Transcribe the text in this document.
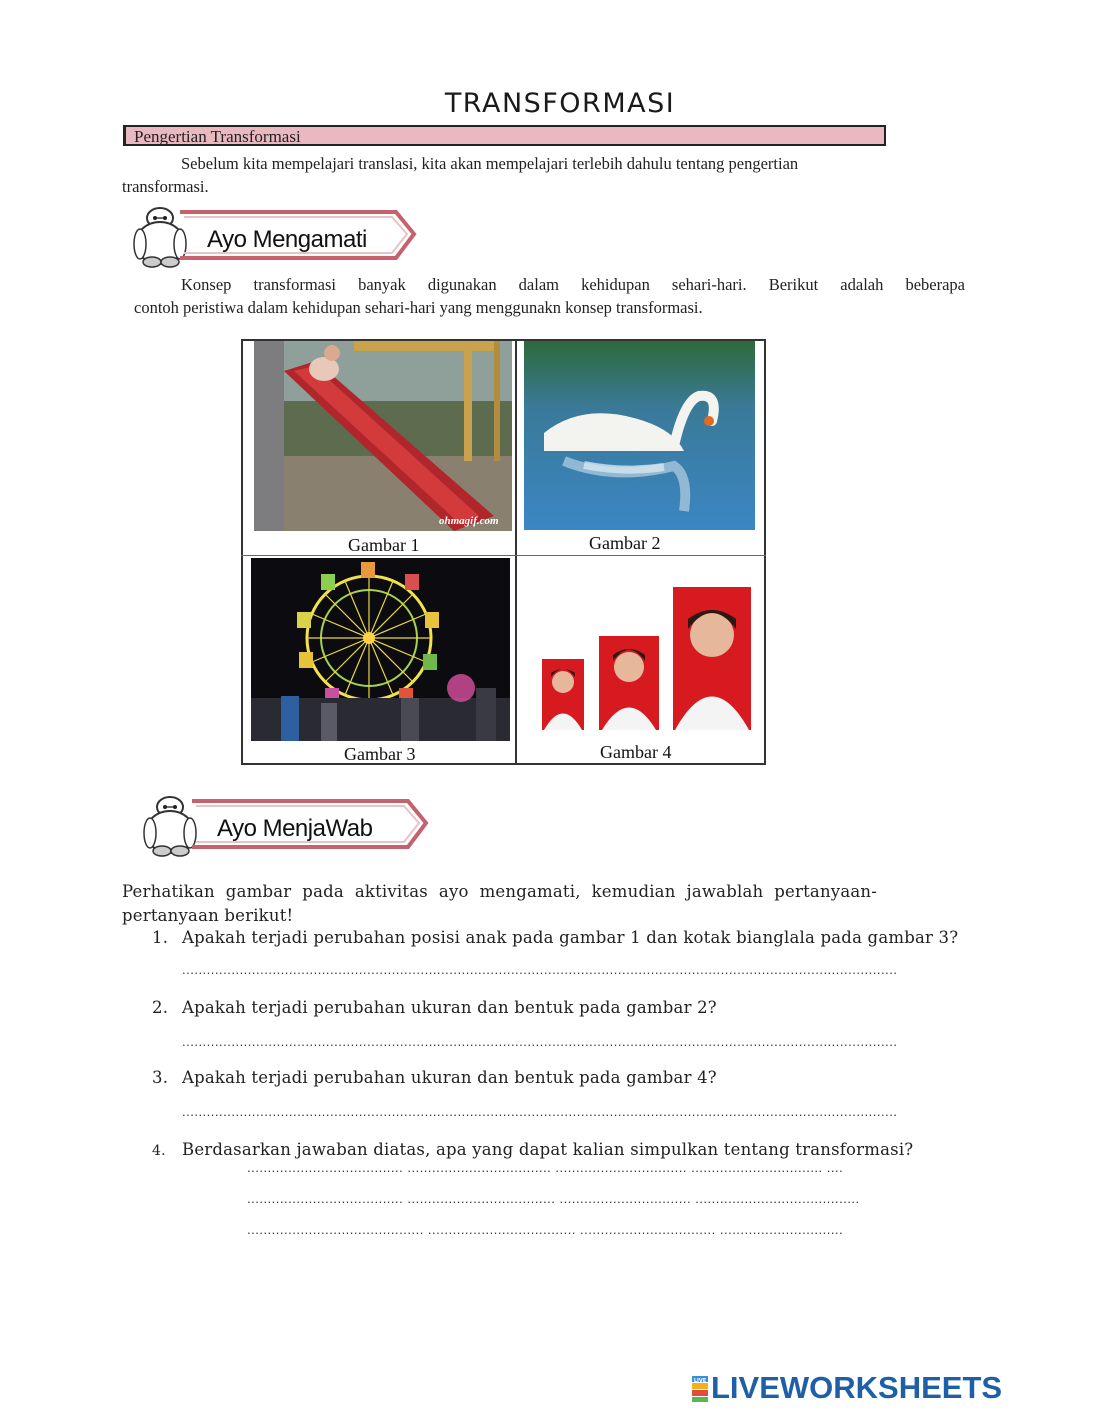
TRANSFORMASI
Pengertian Transformasi
Sebelum kita mempelajari translasi, kita akan mempelajari terlebih dahulu tentang pengertian
transformasi.
Ayo Mengamati
Konsep transformasi banyak digunakan dalam kehidupan sehari-hari. Berikut adalah beberapa
contoh peristiwa dalam kehidupan sehari-hari yang menggunakn konsep transformasi.
ohmagif.com
Gambar 1	Gambar 2
Gambar 3	Gambar 4
Ayo MenjaWab
Perhatikan gambar pada aktivitas ayo mengamati, kemudian jawablah pertanyaan-
pertanyaan berikut!
1. Apakah terjadi perubahan posisi anak pada gambar 1 dan kotak bianglala pada gambar 3?
..............................................................................................................................................................................
2. Apakah terjadi perubahan ukuran dan bentuk pada gambar 2?
..............................................................................................................................................................................
3. Apakah terjadi perubahan ukuran dan bentuk pada gambar 4?
..............................................................................................................................................................................
4. Berdasarkan jawaban diatas, apa yang dapat kalian simpulkan tentang transformasi?
...................................... ................................... ................................ ................................ ....
...................................... .................................... ................................ ........................................
........................................... .................................... ................................. ..............................
LIVE LIVEWORKSHEETS
